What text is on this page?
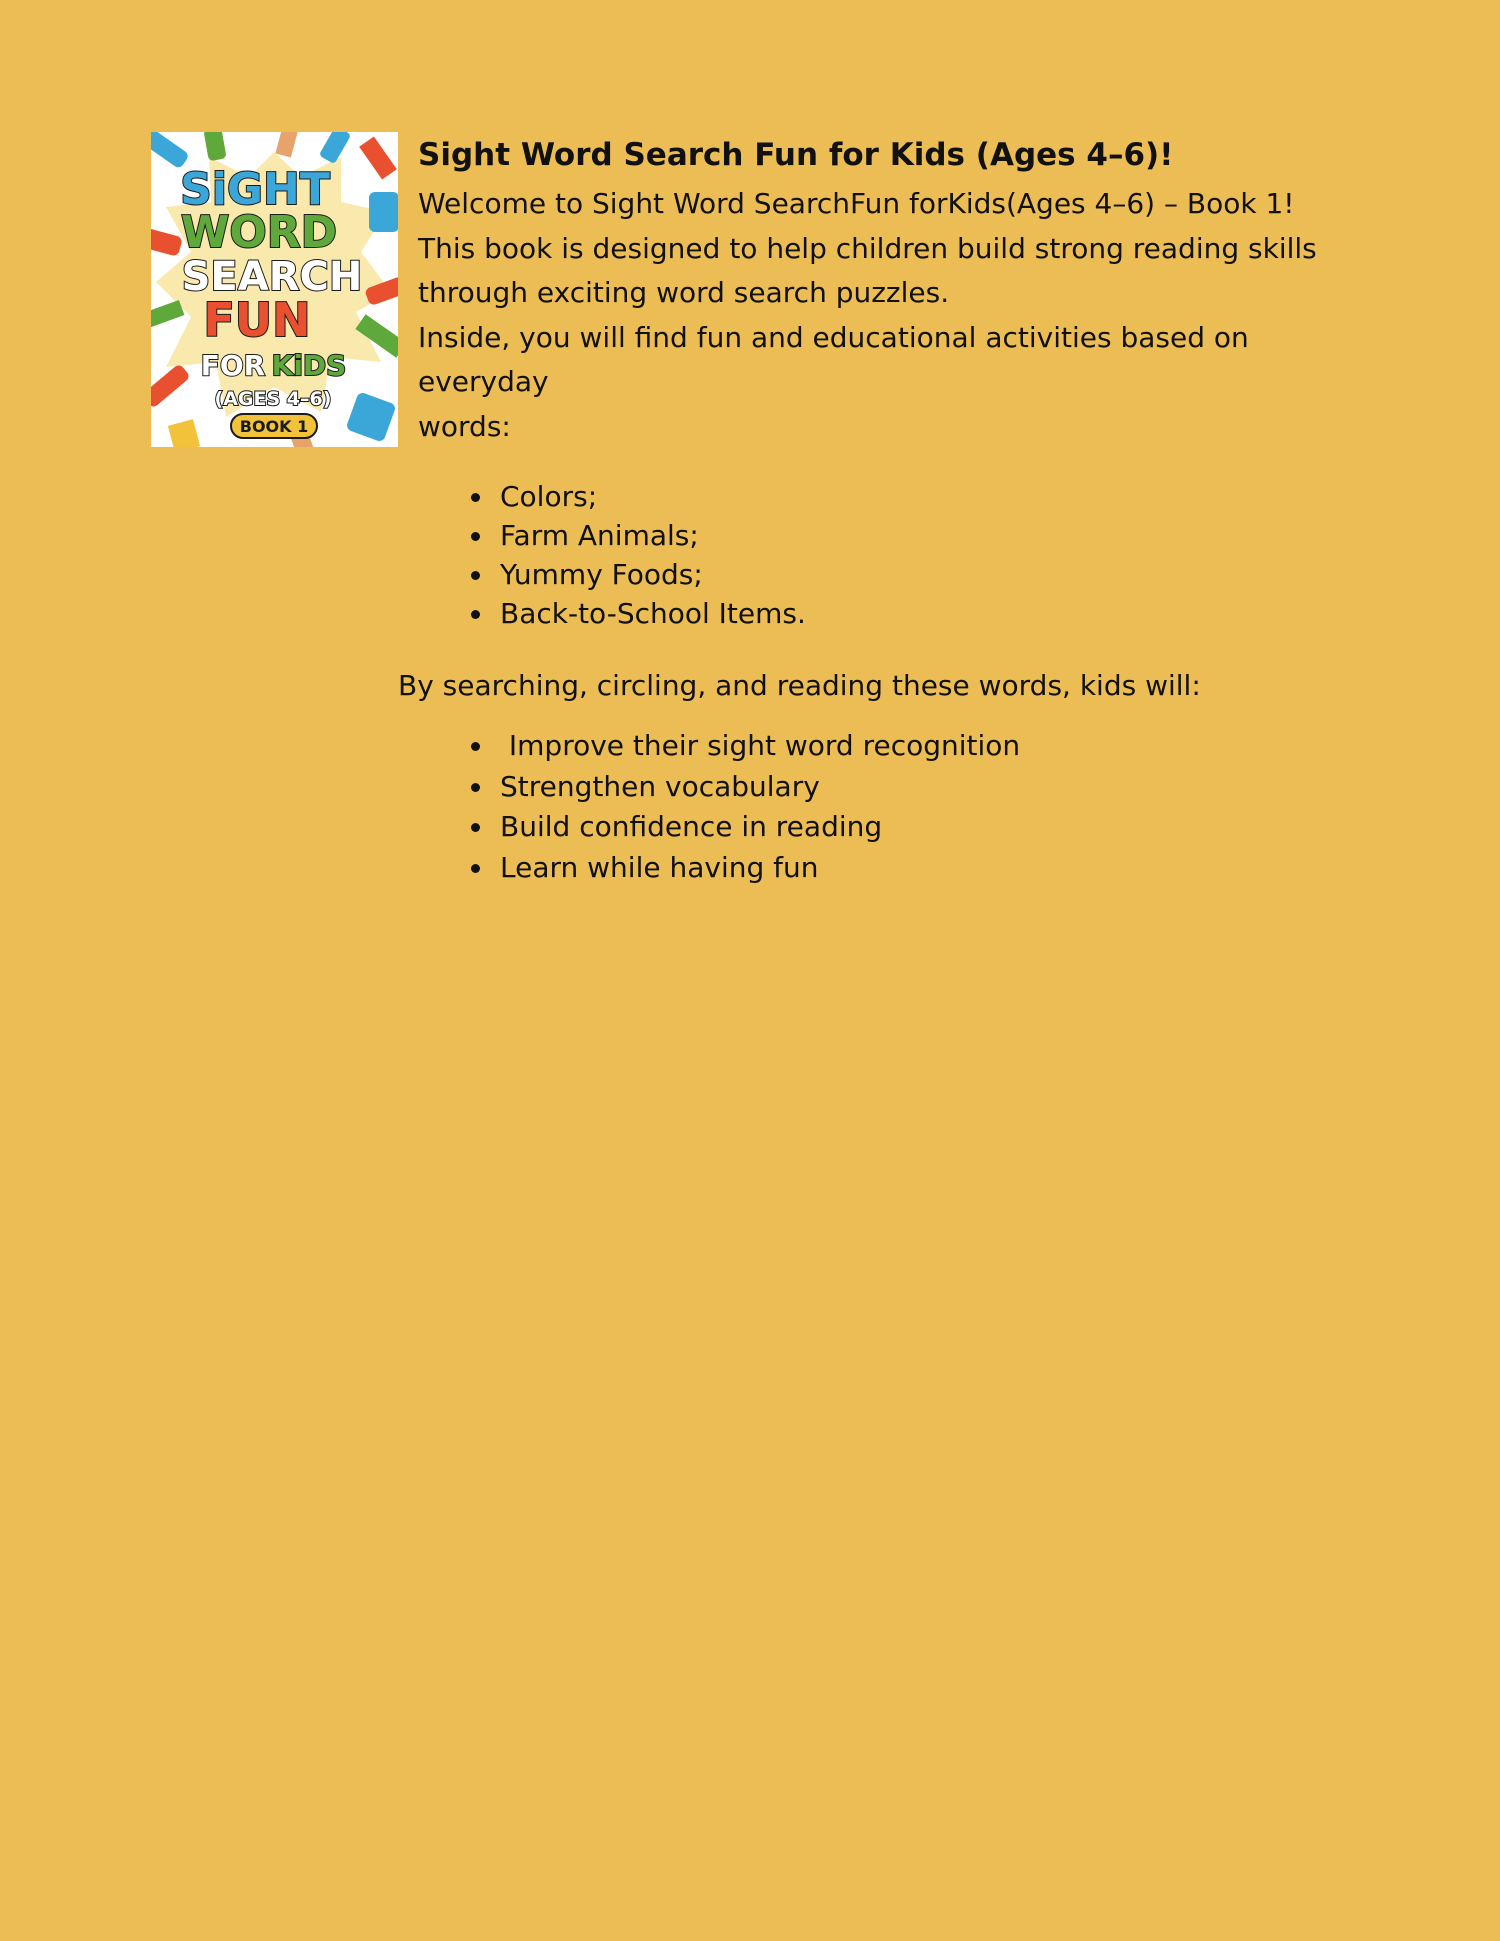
SiGHT
WORD
SEARCH
FUN
FOR KiDS
(AGES 4–6)
BOOK 1
Sight Word Search Fun for Kids (Ages 4–6)!
Welcome to Sight Word SearchFun forKids(Ages 4–6) – Book 1!
This book is designed to help children build strong reading skills
through exciting word search puzzles.
Inside, you will find fun and educational activities based on
everyday
words:
Colors;
Farm Animals;
Yummy Foods;
Back-to-School Items.
By searching, circling, and reading these words, kids will:
Improve their sight word recognition
Strengthen vocabulary
Build confidence in reading
Learn while having fun
